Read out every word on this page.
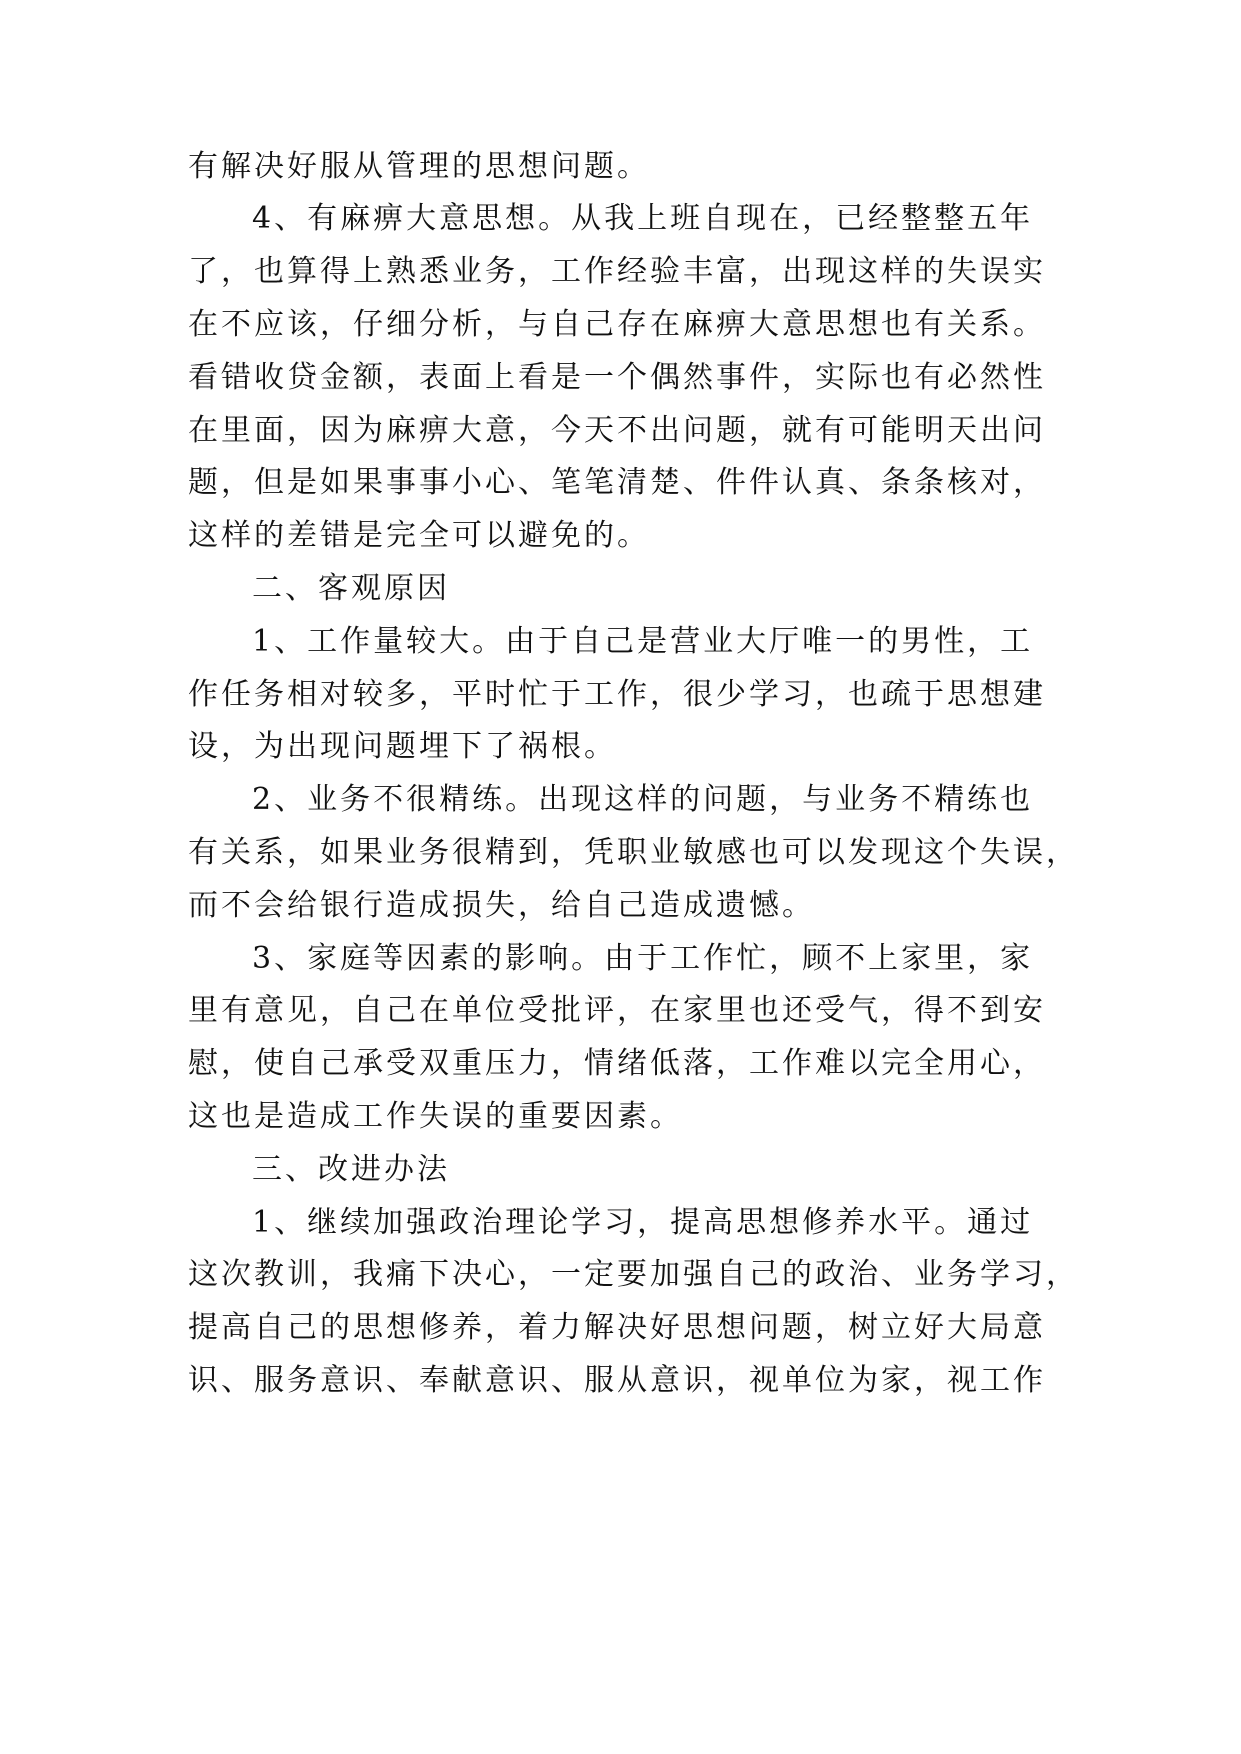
有解决好服从管理的思想问题。
4、有麻痹大意思想。从我上班自现在，已经整整五年
了，也算得上熟悉业务，工作经验丰富，出现这样的失误实
在不应该，仔细分析，与自己存在麻痹大意思想也有关系。
看错收贷金额，表面上看是一个偶然事件，实际也有必然性
在里面，因为麻痹大意，今天不出问题，就有可能明天出问
题，但是如果事事小心、笔笔清楚、件件认真、条条核对，
这样的差错是完全可以避免的。
二、客观原因
1、工作量较大。由于自己是营业大厅唯一的男性，工
作任务相对较多，平时忙于工作，很少学习，也疏于思想建
设，为出现问题埋下了祸根。
2、业务不很精练。出现这样的问题，与业务不精练也
有关系，如果业务很精到，凭职业敏感也可以发现这个失误，
而不会给银行造成损失，给自己造成遗憾。
3、家庭等因素的影响。由于工作忙，顾不上家里，家
里有意见，自己在单位受批评，在家里也还受气，得不到安
慰，使自己承受双重压力，情绪低落，工作难以完全用心，
这也是造成工作失误的重要因素。
三、改进办法
1、继续加强政治理论学习，提高思想修养水平。通过
这次教训，我痛下决心，一定要加强自己的政治、业务学习，
提高自己的思想修养，着力解决好思想问题，树立好大局意
识、服务意识、奉献意识、服从意识，视单位为家，视工作
